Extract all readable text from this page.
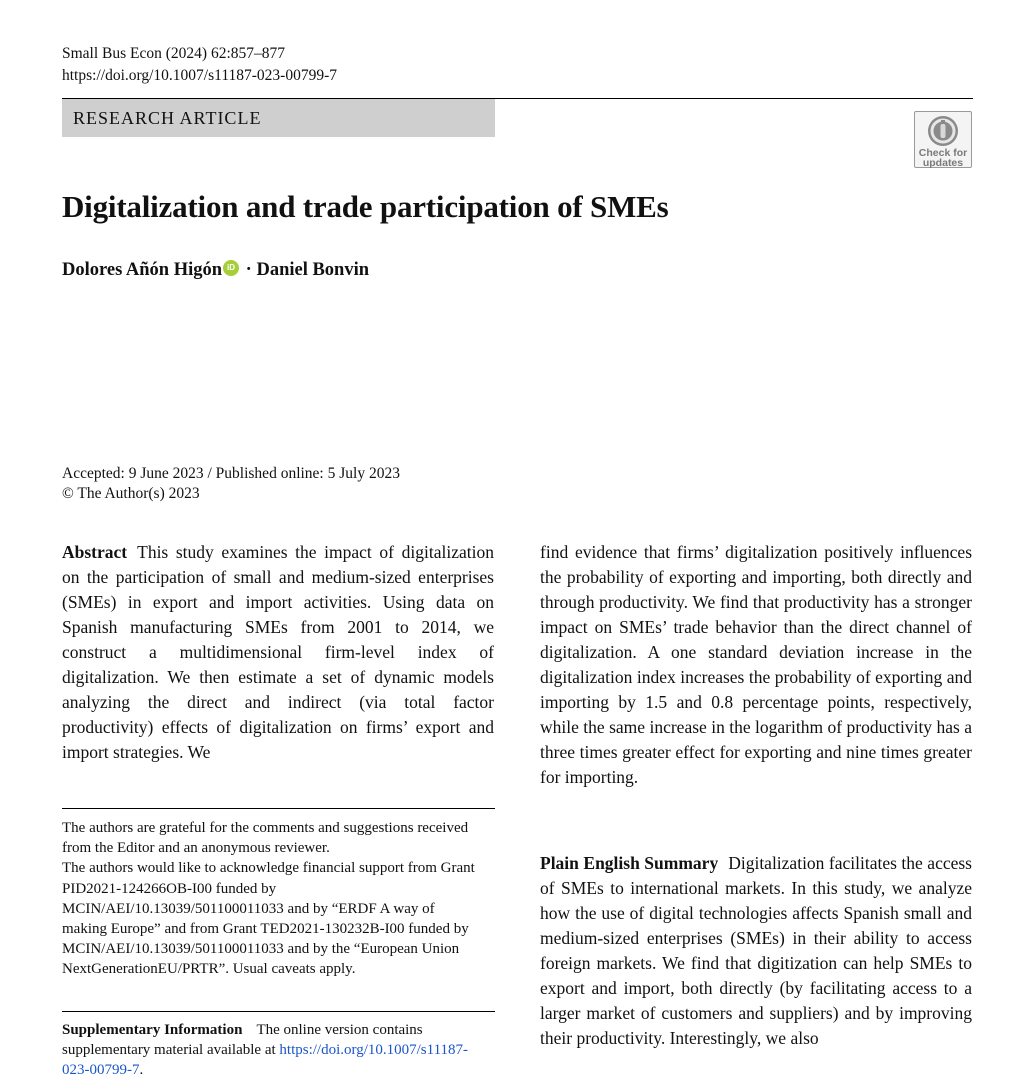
Small Bus Econ (2024) 62:857–877
https://doi.org/10.1007/s11187-023-00799-7
RESEARCH ARTICLE
Check for
updates
Digitalization and trade participation of SMEs
Dolores Añón Higón iD · Daniel Bonvin
Accepted: 9 June 2023 / Published online: 5 July 2023
© The Author(s) 2023

Abstract This study examines the impact of digitalization on the participation of small and medium-sized enterprises (SMEs) in export and import activities. Using data on Spanish manufacturing SMEs from 2001 to 2014, we construct a multidimensional firm-level index of digitalization. We then estimate a set of dynamic models analyzing the direct and indirect (via total factor productivity) effects of digitalization on firms’ export and import strategies. We

find evidence that firms’ digitalization positively influences the probability of exporting and importing, both directly and through productivity. We find that productivity has a stronger impact on SMEs’ trade behavior than the direct channel of digitalization. A one standard deviation increase in the digitalization index increases the probability of exporting and importing by 1.5 and 0.8 percentage points, respectively, while the same increase in the logarithm of productivity has a three times greater effect for exporting and nine times greater for importing.

The authors are grateful for the comments and suggestions received from the Editor and an anonymous reviewer.

The authors would like to acknowledge financial support from Grant PID2021-124266OB-I00 funded by MCIN/AEI/10.13039/501100011033 and by “ERDF A way of making Europe” and from Grant TED2021-130232B-I00 funded by MCIN/AEI/10.13039/501100011033 and by the “European Union NextGenerationEU/PRTR”. Usual caveats apply.

Supplementary Information The online version contains supplementary material available at https://doi.org/10.1007/s11187-023-00799-7.

Plain English Summary Digitalization facilitates the access of SMEs to international markets. In this study, we analyze how the use of digital technologies affects Spanish small and medium-sized enterprises (SMEs) in their ability to access foreign markets. We find that digitization can help SMEs to export and import, both directly (by facilitating access to a larger market of customers and suppliers) and by improving their productivity. Interestingly, we also
